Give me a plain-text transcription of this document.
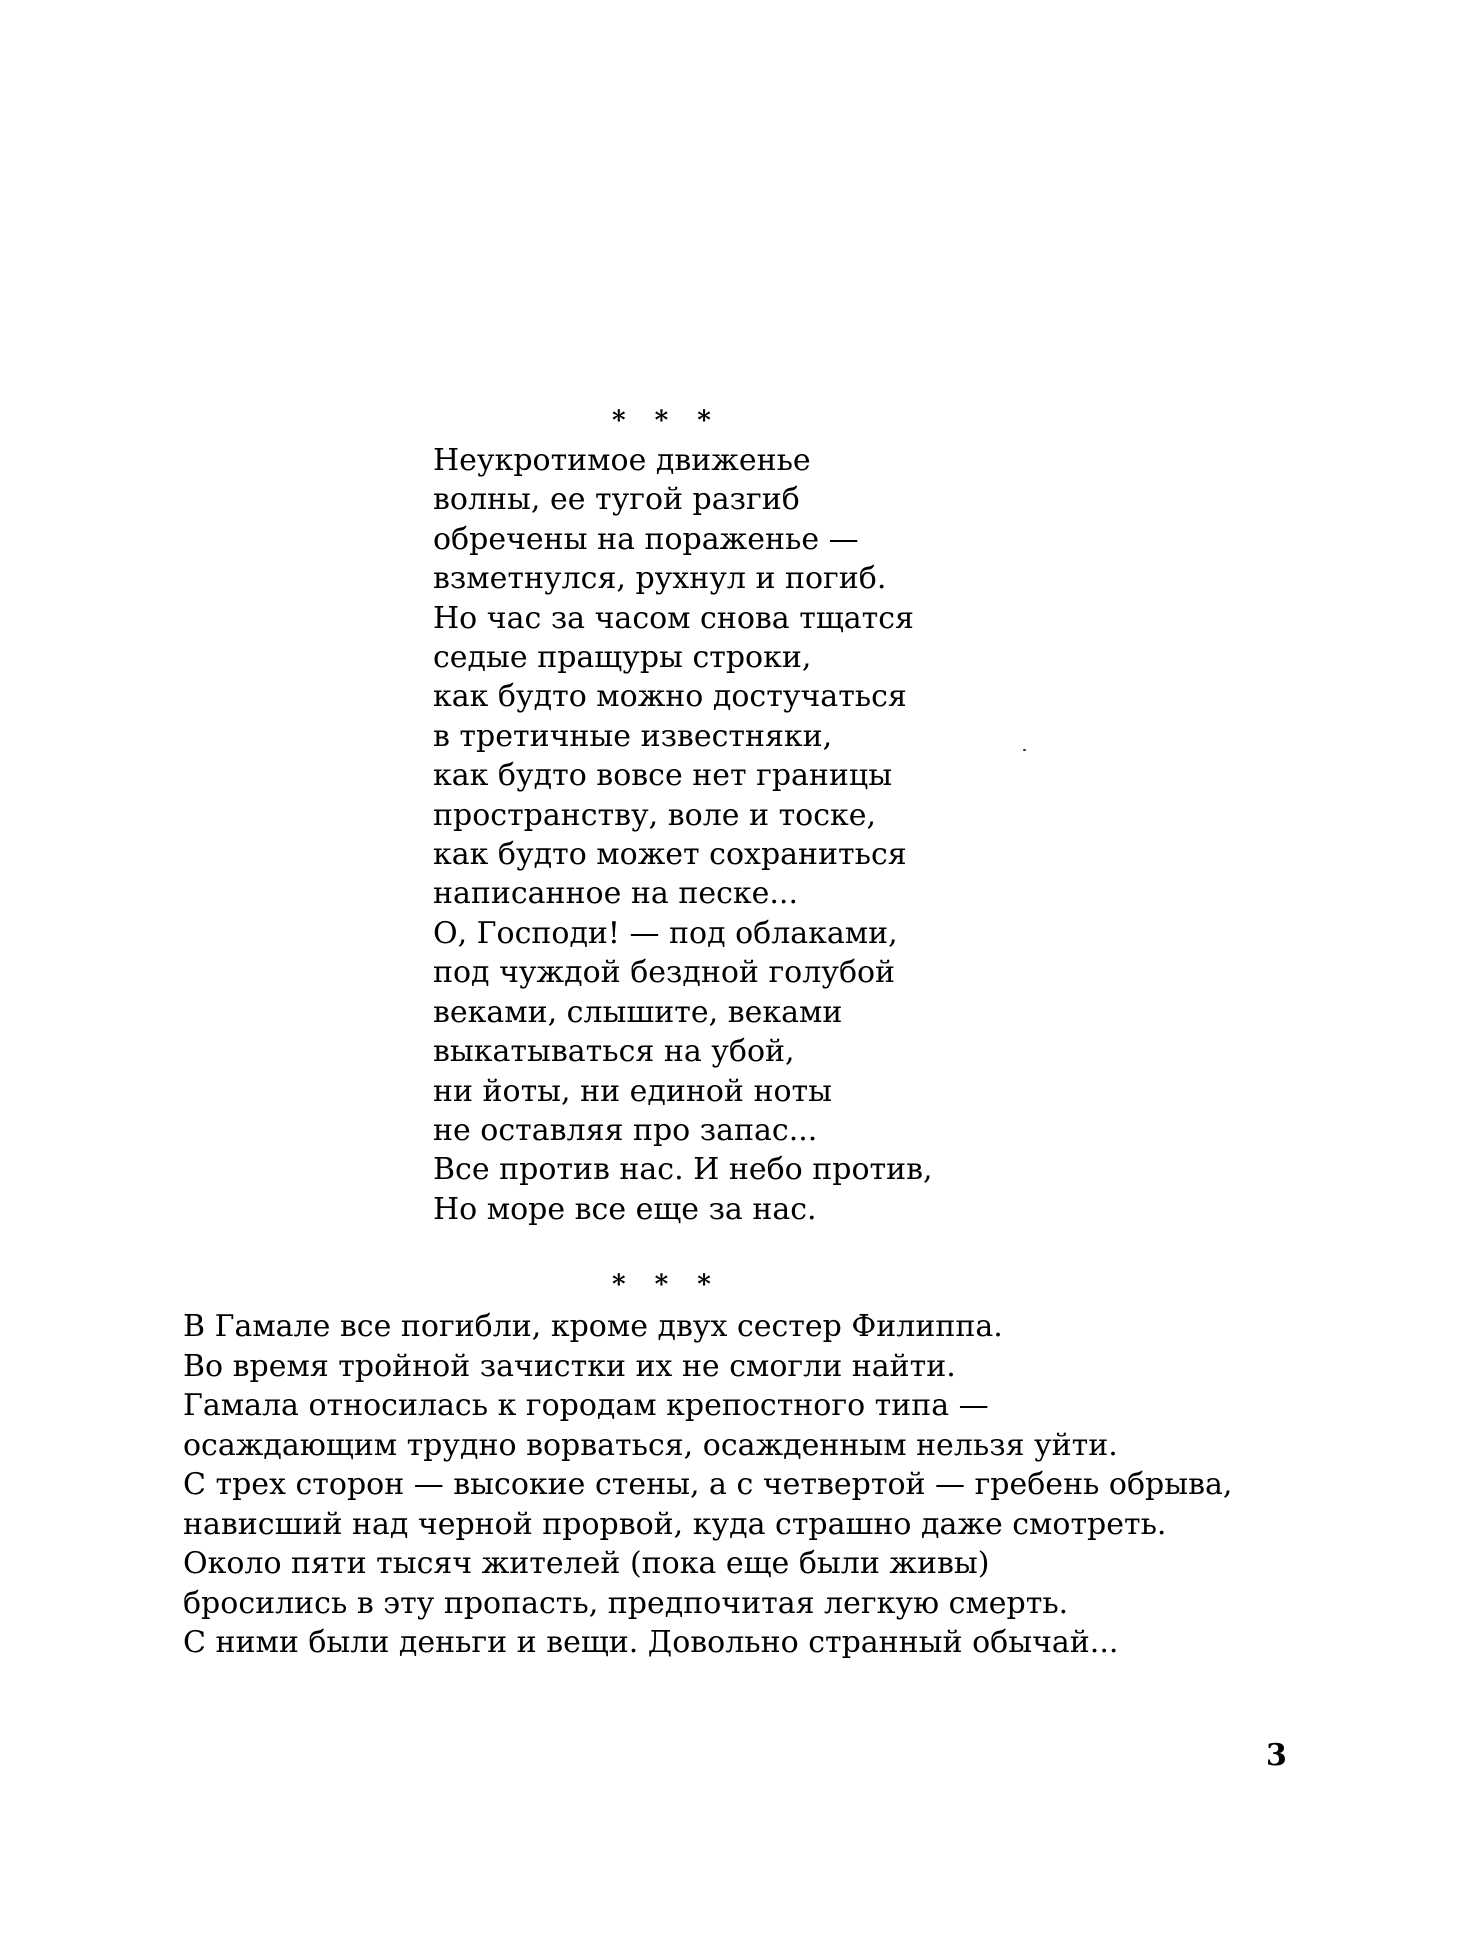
* * *
Неукротимое движенье
волны, ее тугой разгиб
обречены на пораженье —
взметнулся, рухнул и погиб.
Но час за часом снова тщатся
седые пращуры строки,
как будто можно достучаться
в третичные известняки,
как будто вовсе нет границы
пространству, воле и тоске,
как будто может сохраниться
написанное на песке...
О, Господи! — под облаками,
под чуждой бездной голубой
веками, слышите, веками
выкатываться на убой,
ни йоты, ни единой ноты
не оставляя про запас...
Все против нас. И небо против,
Но море все еще за нас.
* * *
В Гамале все погибли, кроме двух сестер Филиппа.
Во время тройной зачистки их не смогли найти.
Гамала относилась к городам крепостного типа —
осаждающим трудно ворваться, осажденным нельзя уйти.
С трех сторон — высокие стены, а с четвертой — гребень обрыва,
нависший над черной прорвой, куда страшно даже смотреть.
Около пяти тысяч жителей (пока еще были живы)
бросились в эту пропасть, предпочитая легкую смерть.
С ними были деньги и вещи. Довольно странный обычай...
3
